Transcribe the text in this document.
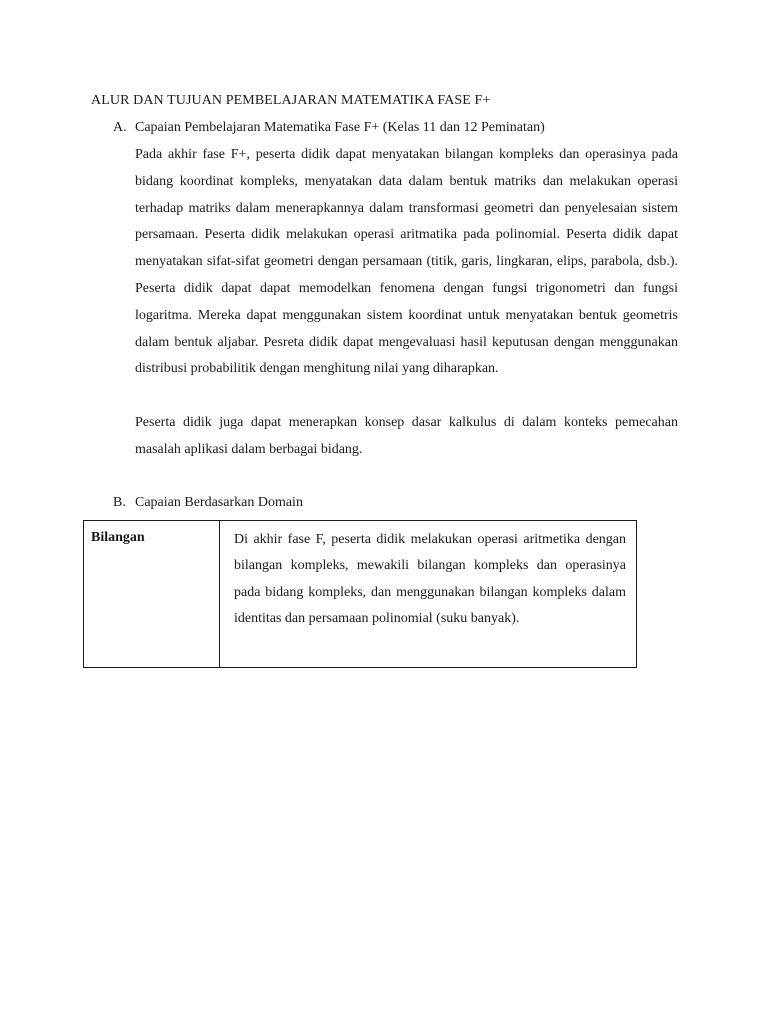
ALUR DAN TUJUAN PEMBELAJARAN MATEMATIKA FASE F+
A. Capaian Pembelajaran Matematika Fase F+ (Kelas 11 dan 12 Peminatan)

Pada akhir fase F+, peserta didik dapat menyatakan bilangan kompleks dan operasinya pada bidang koordinat kompleks, menyatakan data dalam bentuk matriks dan melakukan operasi terhadap matriks dalam menerapkannya dalam transformasi geometri dan penyelesaian sistem persamaan. Peserta didik melakukan operasi aritmatika pada polinomial. Peserta didik dapat menyatakan sifat-sifat geometri dengan persamaan (titik, garis, lingkaran, elips, parabola, dsb.). Peserta didik dapat dapat memodelkan fenomena dengan fungsi trigonometri dan fungsi logaritma. Mereka dapat menggunakan sistem koordinat untuk menyatakan bentuk geometris dalam bentuk aljabar. Pesreta didik dapat mengevaluasi hasil keputusan dengan menggunakan distribusi probabilitik dengan menghitung nilai yang diharapkan.

Peserta didik juga dapat menerapkan konsep dasar kalkulus di dalam konteks pemecahan masalah aplikasi dalam berbagai bidang.

B. Capaian Berdasarkan Domain
Bilangan	Di akhir fase F, peserta didik melakukan operasi aritmetika dengan bilangan kompleks, mewakili bilangan kompleks dan operasinya pada bidang kompleks, dan menggunakan bilangan kompleks dalam identitas dan persamaan polinomial (suku banyak).
